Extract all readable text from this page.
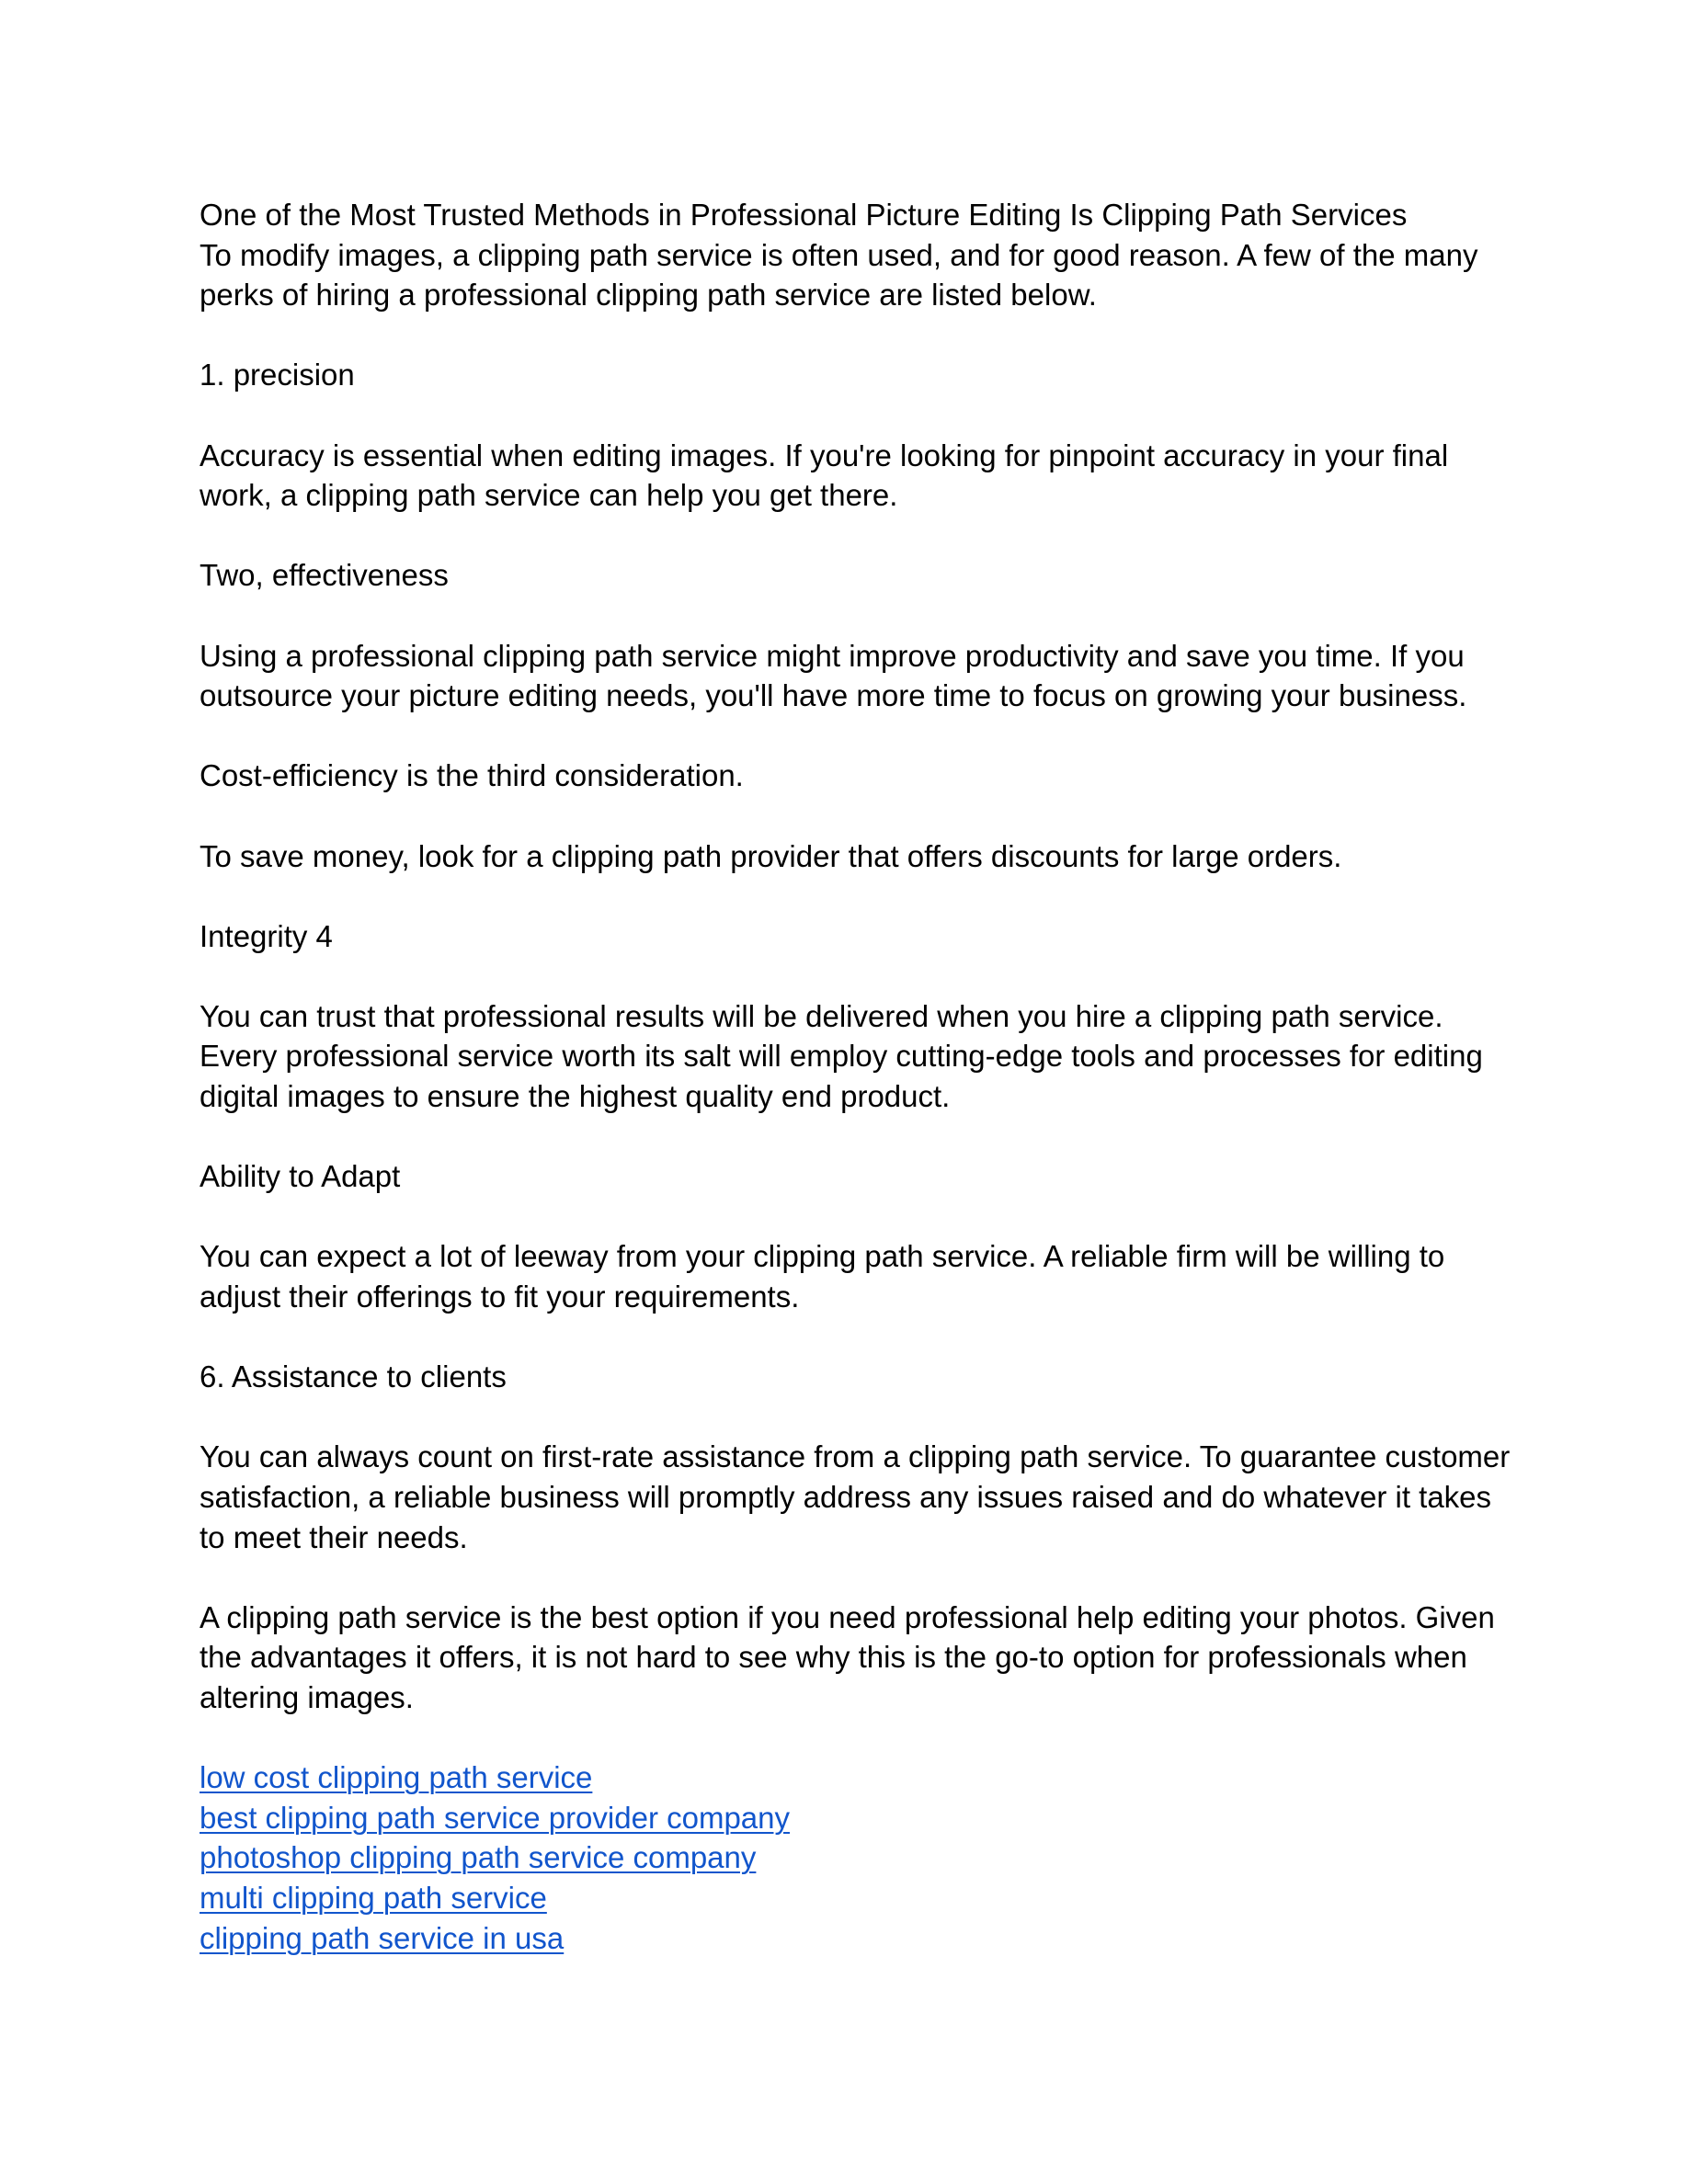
One of the Most Trusted Methods in Professional Picture Editing Is Clipping Path Services

To modify images, a clipping path service is often used, and for good reason. A few of the many perks of hiring a professional clipping path service are listed below.

1. precision

Accuracy is essential when editing images. If you're looking for pinpoint accuracy in your final work, a clipping path service can help you get there.

Two, effectiveness

Using a professional clipping path service might improve productivity and save you time. If you outsource your picture editing needs, you'll have more time to focus on growing your business.

Cost-efficiency is the third consideration.

To save money, look for a clipping path provider that offers discounts for large orders.

Integrity 4

You can trust that professional results will be delivered when you hire a clipping path service. Every professional service worth its salt will employ cutting-edge tools and processes for editing digital images to ensure the highest quality end product.

Ability to Adapt

You can expect a lot of leeway from your clipping path service. A reliable firm will be willing to adjust their offerings to fit your requirements.

6. Assistance to clients

You can always count on first-rate assistance from a clipping path service. To guarantee customer satisfaction, a reliable business will promptly address any issues raised and do whatever it takes to meet their needs.

A clipping path service is the best option if you need professional help editing your photos. Given the advantages it offers, it is not hard to see why this is the go-to option for professionals when altering images.

low cost clipping path service
best clipping path service provider company
photoshop clipping path service company
multi clipping path service
clipping path service in usa
